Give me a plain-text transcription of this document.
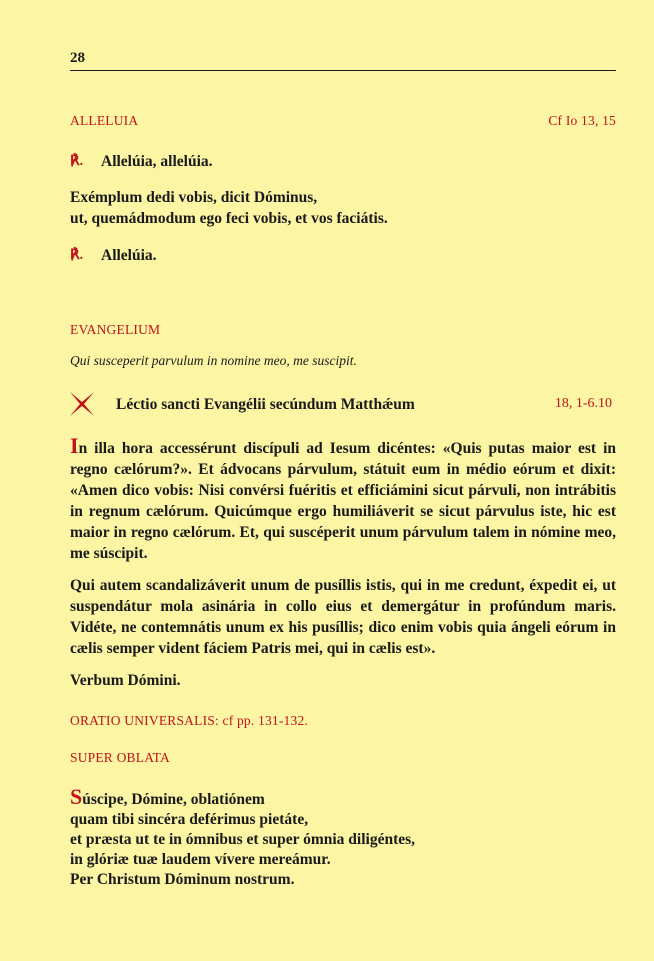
28
ALLELUIA	Cf Io 13, 15
℟.	Allelúia, allelúia.
Exémplum dedi vobis, dicit Dóminus,
ut, quemádmodum ego feci vobis, et vos faciátis.
℟.	Allelúia.
EVANGELIUM
Qui susceperit parvulum in nomine meo, me suscipit.
Léctio sancti Evangélii secúndum Matthǽum	18, 1-6.10

In illa hora accessérunt discípuli ad Iesum dicéntes: «Quis putas maior est in regno cælórum?». Et ádvocans párvulum, státuit eum in médio eórum et dixit: «Amen dico vobis: Nisi convérsi fuéritis et efficiámini sicut párvuli, non intrábitis in regnum cælórum. Quicúmque ergo humiliáverit se sicut párvulus iste, hic est maior in regno cælórum. Et, qui suscéperit unum párvulum talem in nómine meo, me súscipit.

Qui autem scandalizáverit unum de pusíllis istis, qui in me credunt, éxpedit ei, ut suspendátur mola asinária in collo eius et demergátur in profúndum maris. Vidéte, ne contemnátis unum ex his pusíllis; dico enim vobis quia ángeli eórum in cælis semper vident fáciem Patris mei, qui in cælis est».

Verbum Dómini.

ORATIO UNIVERSALIS: cf pp. 131-132.
SUPER OBLATA
Súscipe, Dómine, oblatiónem
quam tibi sincéra deférimus pietáte,
et præsta ut te in ómnibus et super ómnia diligéntes,
in glóriæ tuæ laudem vívere mereámur.
Per Christum Dóminum nostrum.
